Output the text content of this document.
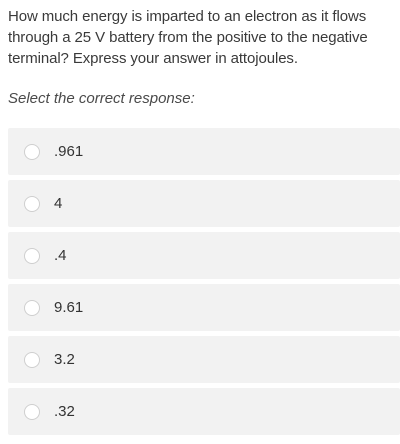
How much energy is imparted to an electron as it flows through a 25 V battery from the positive to the negative terminal? Express your answer in attojoules.
Select the correct response:
.961
4
.4
9.61
3.2
.32
